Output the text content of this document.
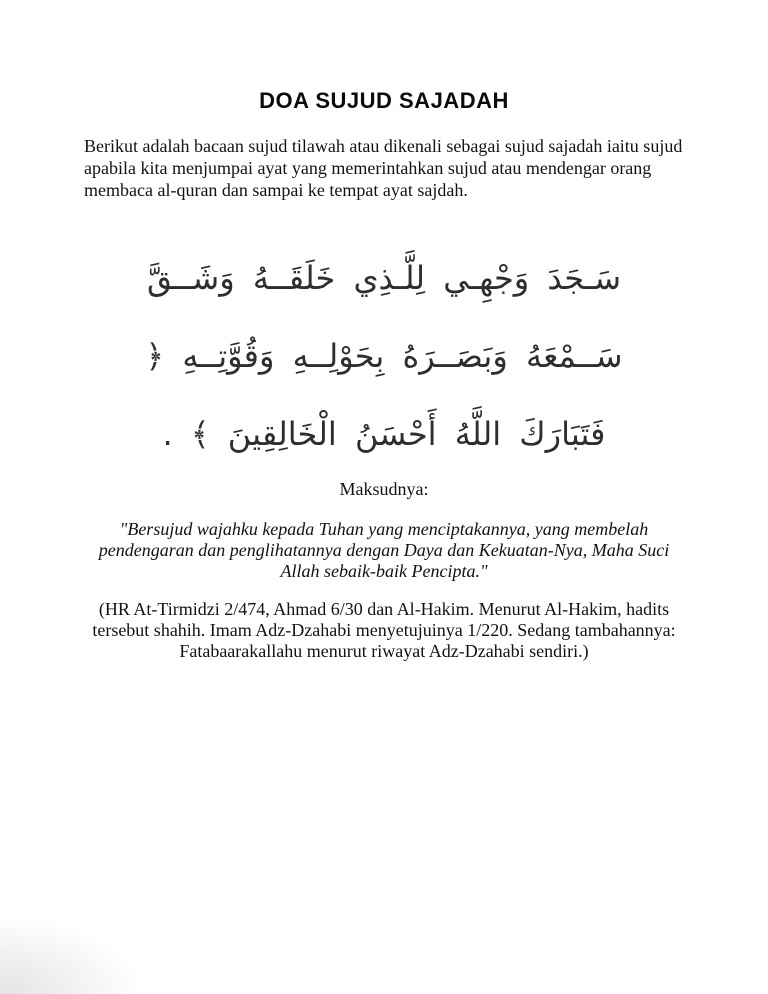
DOA SUJUD SAJADAH
Berikut adalah bacaan sujud tilawah atau dikenali sebagai sujud sajadah iaitu sujud
apabila kita menjumpai ayat yang memerintahkan sujud atau mendengar orang
membaca al-quran dan sampai ke tempat ayat sajdah.
سَـجَدَ وَجْهِـي لِلَّـذِي خَلَقَــهُ وَشَــقَّ
سَــمْعَهُ وَبَصَــرَهُ بِحَوْلِــهِ وَقُوَّتِــهِ ﴿
فَتَبَارَكَ اللَّهُ أَحْسَنُ الْخَالِقِينَ ﴾ .
Maksudnya:
"Bersujud wajahku kepada Tuhan yang menciptakannya, yang membelah
pendengaran dan penglihatannya dengan Daya dan Kekuatan-Nya, Maha Suci
Allah sebaik-baik Pencipta."
(HR At-Tirmidzi 2/474, Ahmad 6/30 dan Al-Hakim. Menurut Al-Hakim, hadits
tersebut shahih. Imam Adz-Dzahabi menyetujuinya 1/220. Sedang tambahannya:
Fatabaarakallahu menurut riwayat Adz-Dzahabi sendiri.)
